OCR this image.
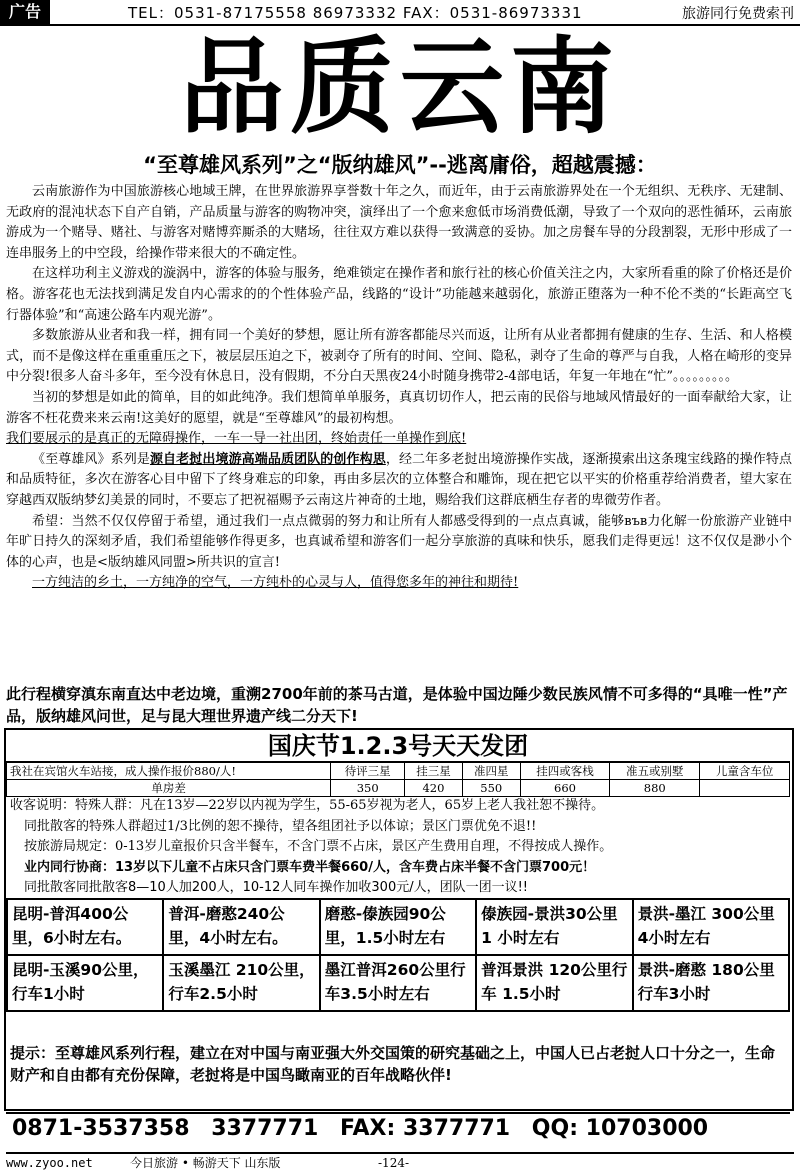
广告	TEL：0531-87175558 86973332 FAX：0531-86973331	旅游同行免费索刊
品质云南
“至尊雄风系列”之“版纳雄风”--逃离庸俗，超越震撼：

云南旅游作为中国旅游核心地域王牌，在世界旅游界享誉数十年之久，而近年，由于云南旅游界处在一个无组织、无秩序、无建制、无政府的混沌状态下自产自销，产品质量与游客的购物冲突，演绎出了一个愈来愈低市场消费低潮，导致了一个双向的恶性循环，云南旅游成为一个赌导、赌社、与游客对赌博弈厮杀的大赌场，往往双方难以获得一致满意的妥协。加之房餐车导的分段割裂，无形中形成了一连串服务上的中空段，给操作带来很大的不确定性。

在这样功利主义游戏的漩涡中，游客的体验与服务，绝难锁定在操作者和旅行社的核心价值关注之内，大家所看重的除了价格还是价格。游客花也无法找到满足发自内心需求的的个性体验产品，线路的“设计”功能越来越弱化，旅游正堕落为一种不伦不类的“长距高空飞行器体验”和“高速公路车内观光游”。

多数旅游从业者和我一样，拥有同一个美好的梦想，愿让所有游客都能尽兴而返，让所有从业者都拥有健康的生存、生活、和人格模式，而不是像这样在重重重压之下，被层层压迫之下，被剥夺了所有的时间、空间、隐私，剥夺了生命的尊严与自我，人格在崎形的变异中分裂!很多人奋斗多年，至今没有休息日，没有假期，不分白天黑夜24小时随身携带2-4部电话，年复一年地在“忙”。。。。。。。。。

当初的梦想是如此的简单，目的如此纯净。我们想简单单服务，真真切切作人，把云南的民俗与地域风情最好的一面奉献给大家，让游客不枉花费来来云南!这美好的愿望，就是“至尊雄风”的最初构想。

我们要展示的是真正的无障碍操作，一车一导一社出团，终始责任一单操作到底!

《至尊雄风》系列是源自老挝出境游高端品质团队的创作构思，经二年多老挝出境游操作实战，逐渐摸索出这条瑰宝线路的操作特点和品质特征，多次在游客心目中留下了终身难忘的印象，再由多层次的立体整合和雕饰，现在把它以平实的价格重荐给消费者，望大家在穿越西双版纳梦幻美景的同时，不要忘了把祝福赐予云南这片神奇的土地，赐给我们这群底栖生存者的卑微劳作者。

希望：当然不仅仅停留于希望，通过我们一点点微弱的努力和让所有人都感受得到的一点点真诚，能够във力化解一份旅游产业链中年旷日持久的深刻矛盾，我们希望能够作得更多，也真诚希望和游客们一起分享旅游的真味和快乐，愿我们走得更远！这不仅仅是渺小个体的心声，也是<版纳雄风同盟>所共识的宣言!

一方纯洁的乡土，一方纯净的空气，一方纯朴的心灵与人，值得您多年的神往和期待!

此行程横穿滇东南直达中老边境，重溯2700年前的茶马古道，是体验中国边陲少数民族风情不可多得的“具唯一性”产品，版纳雄风问世，足与昆大理世界遗产线二分天下!
国庆节1.2.3号天天发团
我社在宾馆火车站接，成人操作报价880/人!	待评三星	挂三星	准四星	挂四或客栈	准五或别墅	儿童含车位
单房差	350	420	550	660	880	
收客说明：特殊人群：凡在13岁—22岁以内视为学生，55-65岁视为老人，65岁上老人我社恕不操待。
同批散客的特殊人群超过1/3比例的恕不操待，望各组团社予以体谅；景区门票优免不退!!
按旅游局规定：0-13岁儿童报价只含半餐车，不含门票不占床，景区产生费用自理，不得按成人操作。
业内同行协商：13岁以下儿童不占床只含门票车费半餐660/人，含车费占床半餐不含门票700元！
同批散客同批散客8—10人加200人，10-12人同车操作加收300元/人，团队一团一议!!
昆明-普洱400公里，6小时左右。	普洱-磨憨240公里，4小时左右。	磨憨-傣族园90公里，1.5小时左右	傣族园-景洪30公里 1 小时左右	景洪-墨江 300公里4小时左右
昆明-玉溪90公里，行车1小时	玉溪墨江 210公里，行车2.5小时	墨江普洱260公里行车3.5小时左右	普洱景洪 120公里行车 1.5小时	景洪-磨憨 180公里行车3小时
提示：至尊雄风系列行程，建立在对中国与南亚强大外交国策的研究基础之上，中国人已占老挝人口十分之一，生命财产和自由都有充份保障，老挝将是中国鸟瞰南亚的百年战略伙伴!
0871-3537358 3377771 FAX: 3377771 QQ: 10703000
www.zyoo.net	今日旅游 • 畅游天下 山东版	-124-
